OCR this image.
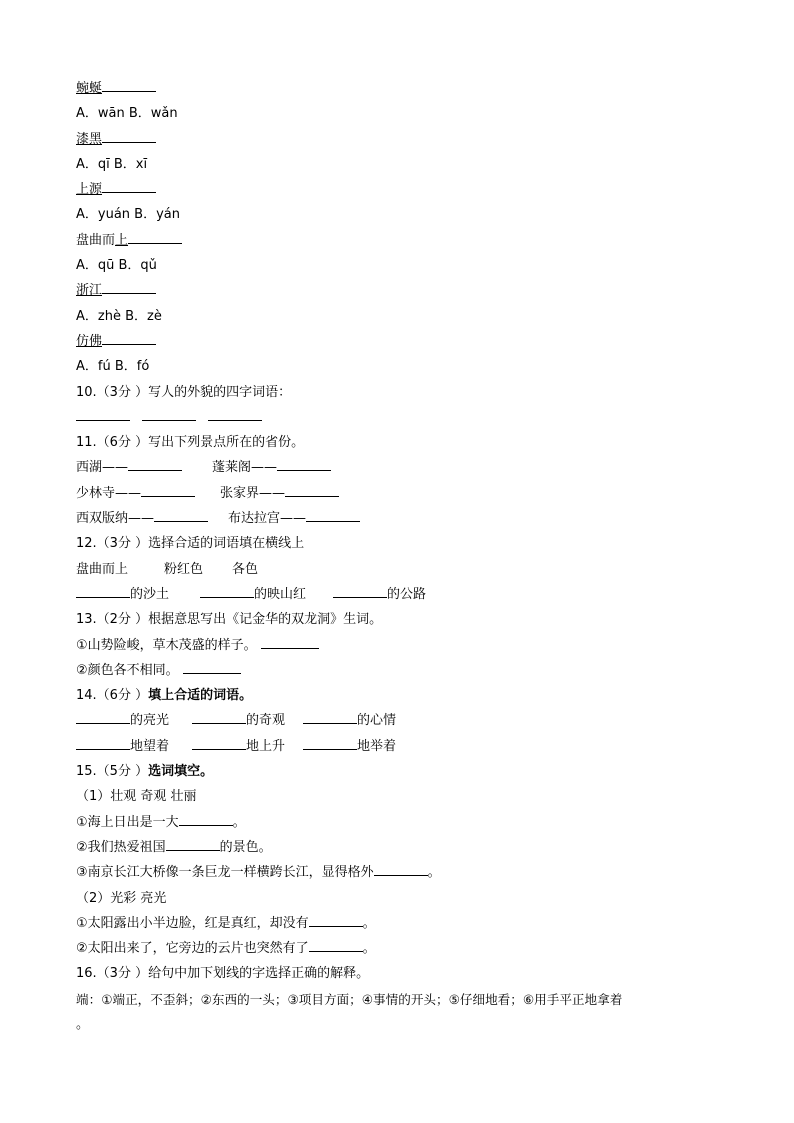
蜿蜒
A．wān B．wǎn
漆黑
A．qī B．xī
上源
A．yuán B．yán
盘曲而上
A．qū B．qǔ
浙江
A．zhè B．zè
仿佛
A．fú B．fó
10.（3分 ）写人的外貌的四字词语：
11.（6分 ）写出下列景点所在的省份。
西湖——	蓬莱阁——
少林寺——	张家界——
西双版纳——	布达拉宫——
12.（3分 ）选择合适的词语填在横线上
盘曲而上	粉红色 各色
的沙土	的映山红	的公路
13.（2分 ）根据意思写出《记金华的双龙洞》生词。
①山势险峻，草木茂盛的样子。
②颜色各不相同。
14.（6分 ）填上合适的词语。
的亮光	的奇观	的心情
地望着	地上升	地举着
15.（5分 ）选词填空。
（1）壮观 奇观 壮丽
①海上日出是一大	。
②我们热爱祖国	的景色。
③南京长江大桥像一条巨龙一样横跨长江，显得格外	。
（2）光彩 亮光
①太阳露出小半边脸，红是真红，却没有	。
②太阳出来了，它旁边的云片也突然有了	。
16.（3分 ）给句中加下划线的字选择正确的解释。
端：①端正，不歪斜；②东西的一头；③项目方面；④事情的开头；⑤仔细地看；⑥用手平正地拿着
。
